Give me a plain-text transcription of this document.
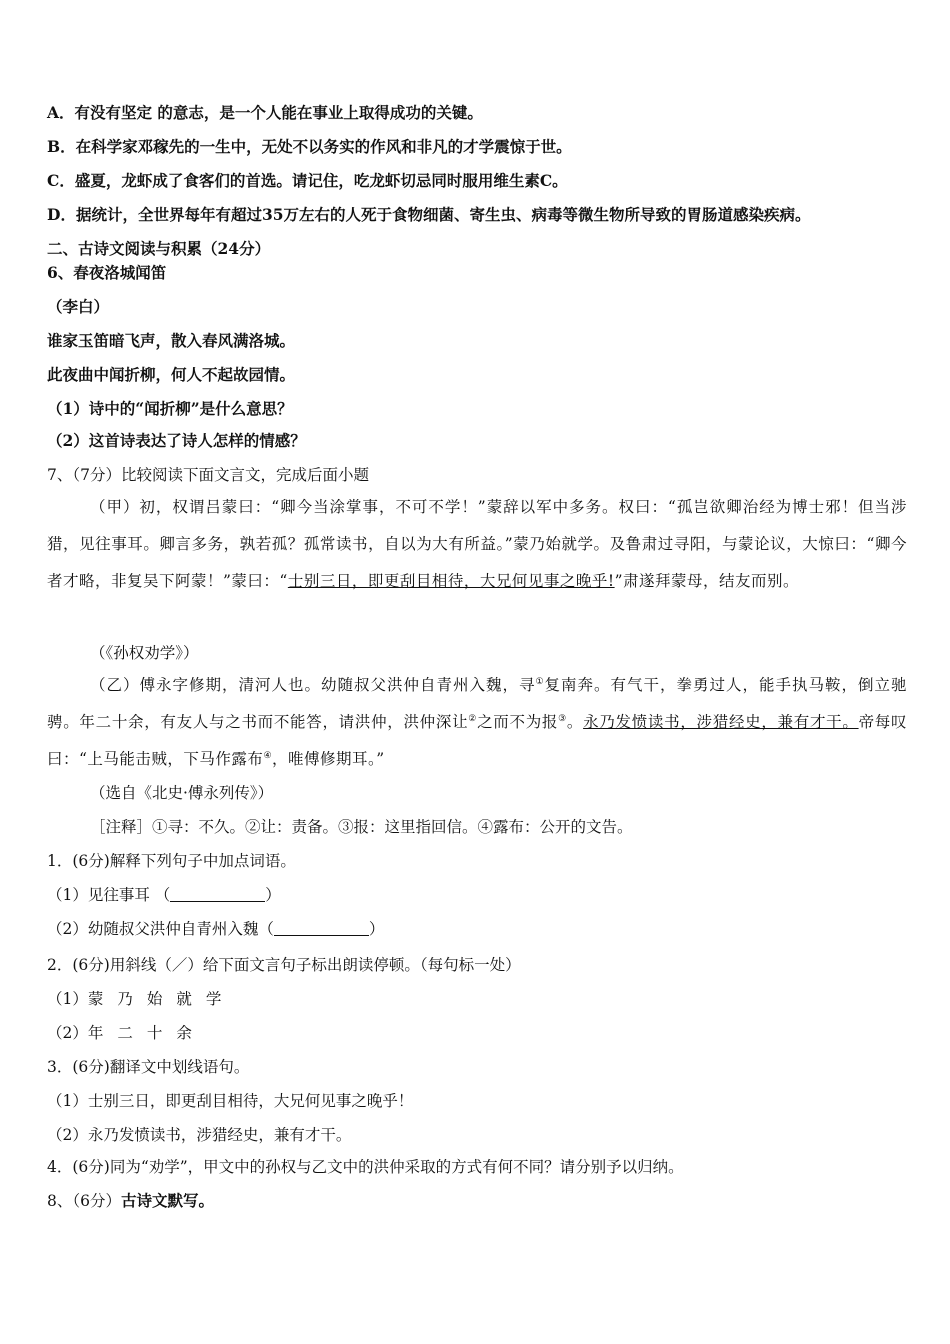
A．有没有坚定 的意志，是一个人能在事业上取得成功的关键。
B．在科学家邓稼先的一生中，无处不以务实的作风和非凡的才学震惊于世。
C．盛夏，龙虾成了食客们的首选。请记住，吃龙虾切忌同时服用维生素C。
D．据统计，全世界每年有超过35万左右的人死于食物细菌、寄生虫、病毒等微生物所导致的胃肠道感染疾病。
二、古诗文阅读与积累（24分）
6、春夜洛城闻笛
（李白）
谁家玉笛暗飞声，散入春风满洛城。
此夜曲中闻折柳，何人不起故园情。
（1）诗中的“闻折柳”是什么意思？
（2）这首诗表达了诗人怎样的情感？
7、（7分）比较阅读下面文言文，完成后面小题
（甲）初，权谓吕蒙曰：“卿今当涂掌事，不可不学！”蒙辞以军中多务。权曰：“孤岂欲卿治经为博士邪！但当涉猎，见往事耳。卿言多务，孰若孤？孤常读书，自以为大有所益。”蒙乃始就学。及鲁肃过寻阳，与蒙论议，大惊曰：“卿今者才略，非复吴下阿蒙！”蒙曰：“士别三日，即更刮目相待，大兄何见事之晚乎!”肃遂拜蒙母，结友而别。
（《孙权劝学》）
（乙）傅永字修期，清河人也。幼随叔父洪仲自青州入魏，寻①复南奔。有气干，拳勇过人，能手执马鞍，倒立驰骋。年二十余，有友人与之书而不能答，请洪仲，洪仲深让②之而不为报③。永乃发愤读书，涉猎经史，兼有才干。帝每叹曰：“上马能击贼，下马作露布④，唯傅修期耳。”
（选自《北史·傅永列传》）
［注释］①寻：不久。②让：责备。③报：这里指回信。④露布：公开的文告。
1．(6分)解释下列句子中加点词语。
（1）见往事耳 （	）
（2）幼随叔父洪仲自青州入魏（	）
2．(6分)用斜线（／）给下面文言句子标出朗读停顿。（每句标一处）
（1）蒙乃始就学
（2）年二十余
3．(6分)翻译文中划线语句。
（1）士别三日，即更刮目相待，大兄何见事之晚乎！
（2）永乃发愤读书，涉猎经史，兼有才干。
4．(6分)同为“劝学”，甲文中的孙权与乙文中的洪仲采取的方式有何不同？请分别予以归纳。
8、（6分）古诗文默写。
